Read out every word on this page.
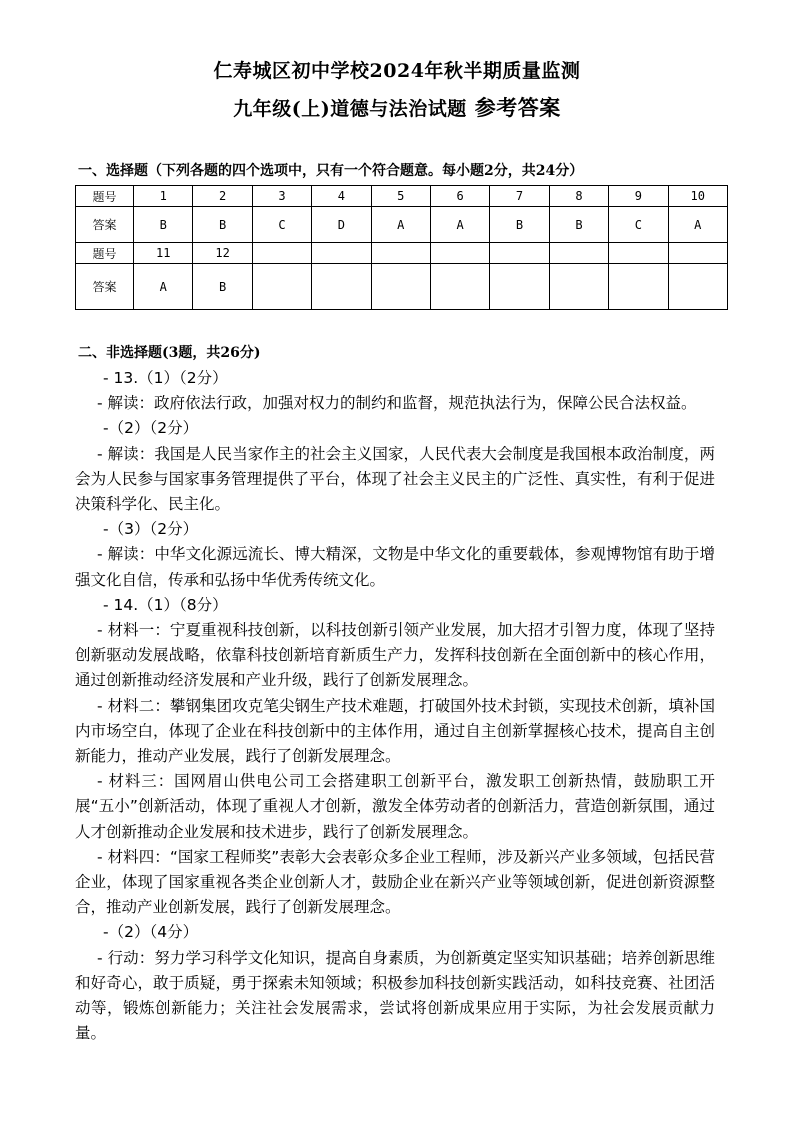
仁寿城区初中学校2024年秋半期质量监测
九年级(上)道德与法治试题 参考答案
一、选择题（下列各题的四个选项中，只有一个符合题意。每小题2分，共24分）
题号	1	2	3	4	5	6	7	8	9	10
答案	B	B	C	D	A	A	B	B	C	A
题号	11	12								
答案	A	B								
二、非选择题(3题，共26分)

- 13.（1）（2分）

- 解读：政府依法行政，加强对权力的制约和监督，规范执法行为，保障公民合法权益。

-（2）（2分）

- 解读：我国是人民当家作主的社会主义国家，人民代表大会制度是我国根本政治制度，两会为人民参与国家事务管理提供了平台，体现了社会主义民主的广泛性、真实性，有利于促进决策科学化、民主化。

-（3）（2分）

- 解读：中华文化源远流长、博大精深，文物是中华文化的重要载体，参观博物馆有助于增强文化自信，传承和弘扬中华优秀传统文化。

- 14.（1）（8分）

- 材料一：宁夏重视科技创新，以科技创新引领产业发展，加大招才引智力度，体现了坚持创新驱动发展战略，依靠科技创新培育新质生产力，发挥科技创新在全面创新中的核心作用，通过创新推动经济发展和产业升级，践行了创新发展理念。

- 材料二：攀钢集团攻克笔尖钢生产技术难题，打破国外技术封锁，实现技术创新，填补国内市场空白，体现了企业在科技创新中的主体作用，通过自主创新掌握核心技术，提高自主创新能力，推动产业发展，践行了创新发展理念。

- 材料三：国网眉山供电公司工会搭建职工创新平台，激发职工创新热情，鼓励职工开展“五小”创新活动，体现了重视人才创新，激发全体劳动者的创新活力，营造创新氛围，通过人才创新推动企业发展和技术进步，践行了创新发展理念。

- 材料四：“国家工程师奖”表彰大会表彰众多企业工程师，涉及新兴产业多领域，包括民营企业，体现了国家重视各类企业创新人才，鼓励企业在新兴产业等领域创新，促进创新资源整合，推动产业创新发展，践行了创新发展理念。

-（2）（4分）

- 行动：努力学习科学文化知识，提高自身素质，为创新奠定坚实知识基础；培养创新思维和好奇心，敢于质疑，勇于探索未知领域；积极参加科技创新实践活动，如科技竞赛、社团活动等，锻炼创新能力；关注社会发展需求，尝试将创新成果应用于实际，为社会发展贡献力量。
